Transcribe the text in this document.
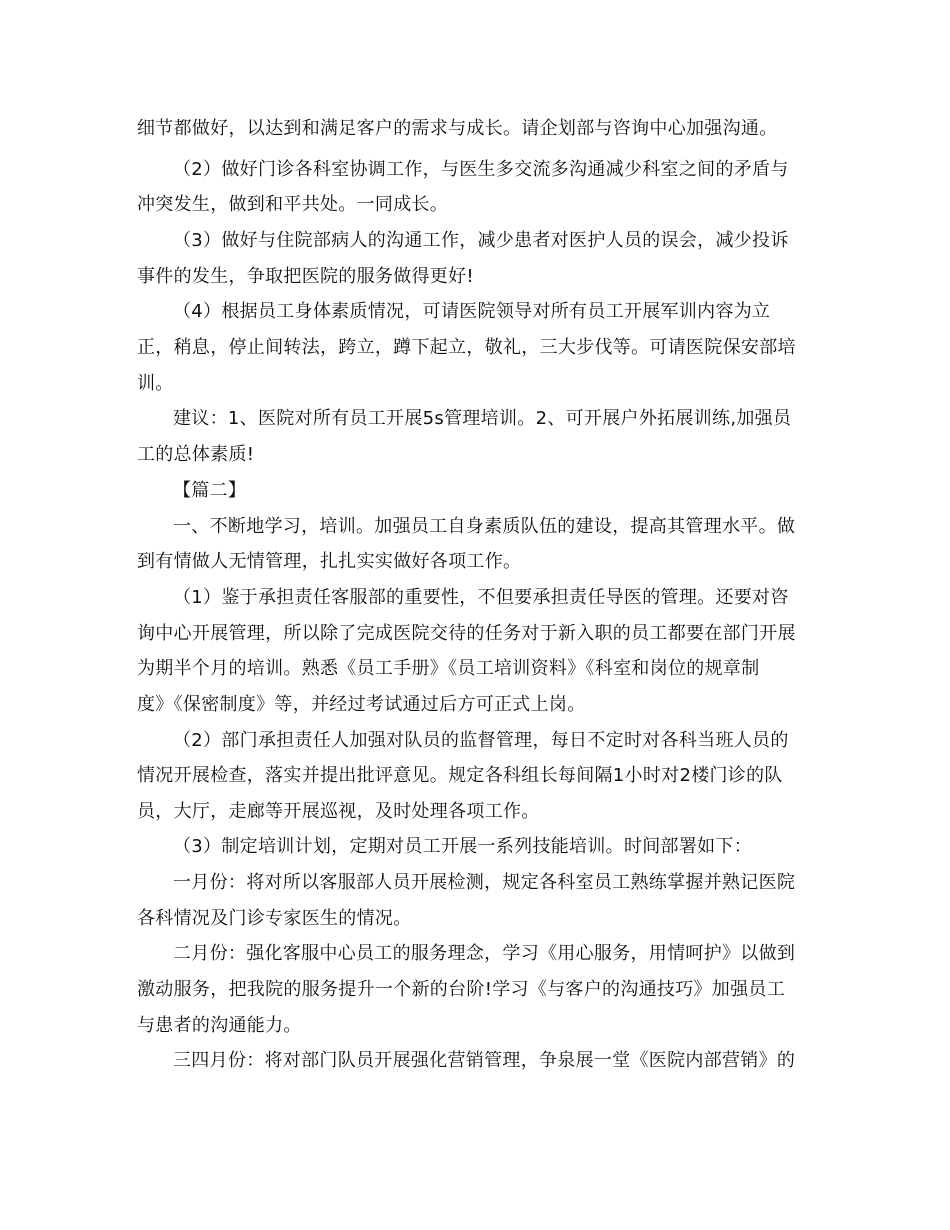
细节都做好，以达到和满足客户的需求与成长。请企划部与咨询中心加强沟通。
（2）做好门诊各科室协调工作，与医生多交流多沟通减少科室之间的矛盾与
冲突发生，做到和平共处。一同成长。
（3）做好与住院部病人的沟通工作，减少患者对医护人员的误会，减少投诉
事件的发生，争取把医院的服务做得更好!
（4）根据员工身体素质情况，可请医院领导对所有员工开展军训内容为立
正，稍息，停止间转法，跨立，蹲下起立，敬礼，三大步伐等。可请医院保安部培
训。
建议：1、医院对所有员工开展5s管理培训。2、可开展户外拓展训练,加强员
工的总体素质!
【篇二】
一、不断地学习，培训。加强员工自身素质队伍的建设，提高其管理水平。做
到有情做人无情管理，扎扎实实做好各项工作。
（1）鉴于承担责任客服部的重要性，不但要承担责任导医的管理。还要对咨
询中心开展管理，所以除了完成医院交待的任务对于新入职的员工都要在部门开展
为期半个月的培训。熟悉《员工手册》《员工培训资料》《科室和岗位的规章制
度》《保密制度》等，并经过考试通过后方可正式上岗。
（2）部门承担责任人加强对队员的监督管理，每日不定时对各科当班人员的
情况开展检查，落实并提出批评意见。规定各科组长每间隔1小时对2楼门诊的队
员，大厅，走廊等开展巡视，及时处理各项工作。
（3）制定培训计划，定期对员工开展一系列技能培训。时间部署如下：
一月份：将对所以客服部人员开展检测，规定各科室员工熟练掌握并熟记医院
各科情况及门诊专家医生的情况。
二月份：强化客服中心员工的服务理念，学习《用心服务，用情呵护》以做到
激动服务，把我院的服务提升一个新的台阶!学习《与客户的沟通技巧》加强员工
与患者的沟通能力。
三四月份：将对部门队员开展强化营销管理，争泉展一堂《医院内部营销》的
